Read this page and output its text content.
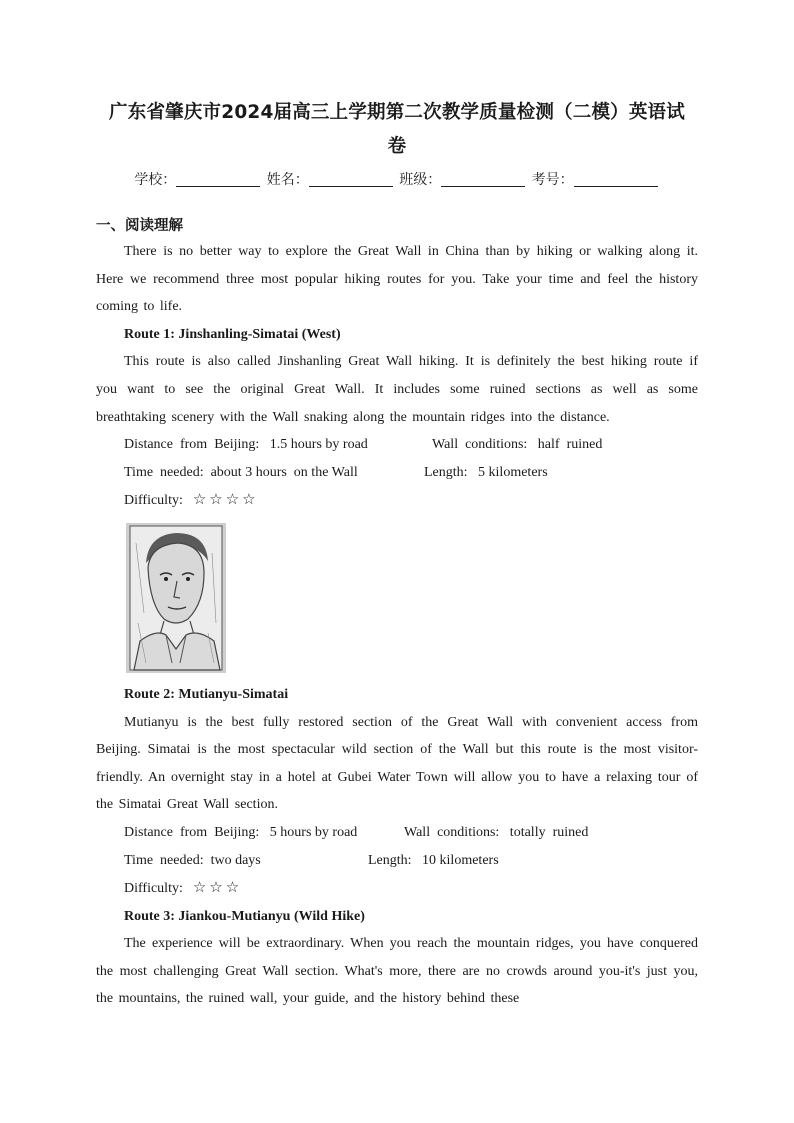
广东省肇庆市2024届高三上学期第二次教学质量检测（二模）英语试
卷
学校：	姓名：	班级：	考号：
一、阅读理解

There is no better way to explore the Great Wall in China than by hiking or walking along it. Here we recommend three most popular hiking routes for you. Take your time and feel the history coming to life.

Route 1: Jinshanling-Simatai (West)

This route is also called Jinshanling Great Wall hiking. It is definitely the best hiking route if you want to see the original Great Wall. It includes some ruined sections as well as some breathtaking scenery with the Wall snaking along the mountain ridges into the distance.

Distance  from  Beijing:   1.5 hours by road	Wall  conditions:   half  ruined
Time  needed:  about 3 hours  on the Wall	Length:   5 kilometers
Difficulty: ☆☆☆☆
Route 2: Mutianyu-Simatai

Mutianyu is the best fully restored section of the Great Wall with convenient access from Beijing. Simatai is the most spectacular wild section of the Wall but this route is the most visitor-friendly. An overnight stay in a hotel at Gubei Water Town will allow you to have a relaxing tour of the Simatai Great Wall section.

Distance  from  Beijing:   5 hours by road	Wall  conditions:   totally  ruined
Time  needed:  two days	Length:   10 kilometers
Difficulty: ☆☆☆
Route 3: Jiankou-Mutianyu (Wild Hike)

The experience will be extraordinary. When you reach the mountain ridges, you have conquered the most challenging Great Wall section. What's more, there are no crowds around you-it's just you, the mountains, the ruined wall, your guide, and the history behind these
